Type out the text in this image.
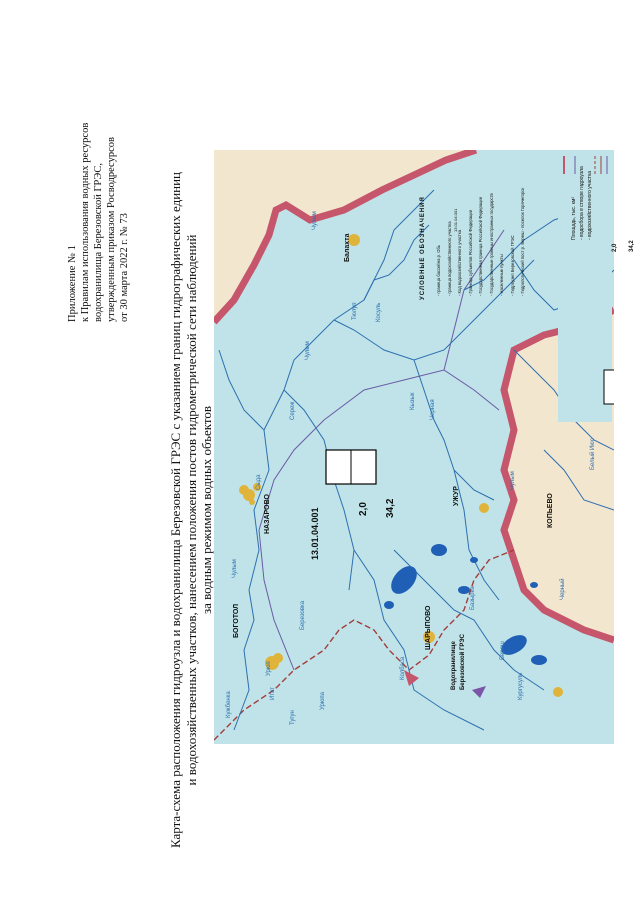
Приложение № 1 к Правилам использования водных ресурсов водохранилища Березовской ГРЭС, утвержденным приказом Росводресурсов от 30 марта 2022 г. № 73	Карта-схема расположения гидроузла и водохранилища Березовской ГРЭС с указанием границ гидрографических единиц и водохозяйственных участков, нанесением положения постов гидрометрической сети наблюдений за водным режимом водных объектов	13.01.04.001	2,0 34,2
Балахта
НАЗАРОВО
БОГОТОЛ
УЖУР
ШАРЫПОВО
КОПЬЕВО
Водохранилище Березовской ГРЭС
Чулым
Чулым
Чулым
Сыда
Урюп
Сереж
Березовка
Тюлуп	Косуль
Кызык Черная
Итат
Кужбенка	Тугун
Урюпа
Колбаса
Кургусуль
Базырка
Чулым
Белый Июс
Черный
Береш
УСЛОВНЫЕ ОБОЗНАЧЕНИЯ	- граница бассейна р. Обь	- граница водохозяйственного участка	- Код водохозяйственного участка	- Граница субъектов Российской Федерации	- Государственная граница Российской Федерации	- Государственные границы иностранных государств	- Населенные пункты	- Гидроузел Березовской ГРЭС	- Гидрологический пост р. Береш - поселок Горячегорск
13.01.04.001	Площадь, тыс. км² - водосбора в створе гидроузла - водохозяйственного участка
2,0	34,2
